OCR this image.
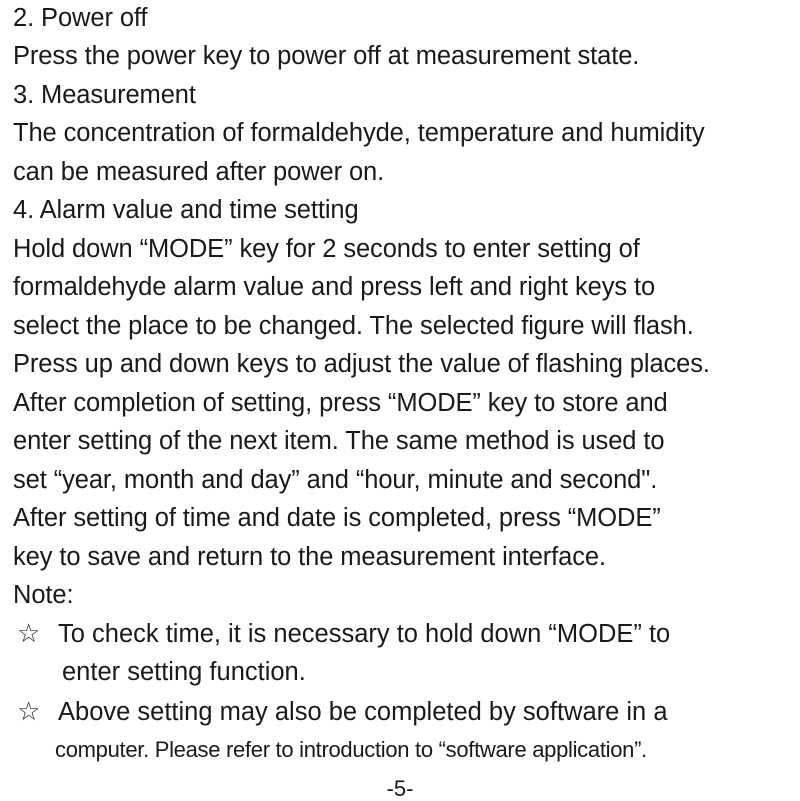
2. Power off
Press the power key to power off at measurement state.
3. Measurement
The concentration of formaldehyde, temperature and humidity
can be measured after power on.
4. Alarm value and time setting
Hold down “MODE” key for 2 seconds to enter setting of
formaldehyde alarm value and press left and right keys to
select the place to be changed. The selected figure will flash.
Press up and down keys to adjust the value of flashing places.
After completion of setting, press “MODE” key to store and
enter setting of the next item. The same method is used to
set “year, month and day” and “hour, minute and second".
After setting of time and date is completed, press “MODE”
key to save and return to the measurement interface.
Note:
☆ To check time, it is necessary to hold down “MODE” to
enter setting function.
☆ Above setting may also be completed by software in a
computer. Please refer to introduction to “software application”.
-5-
